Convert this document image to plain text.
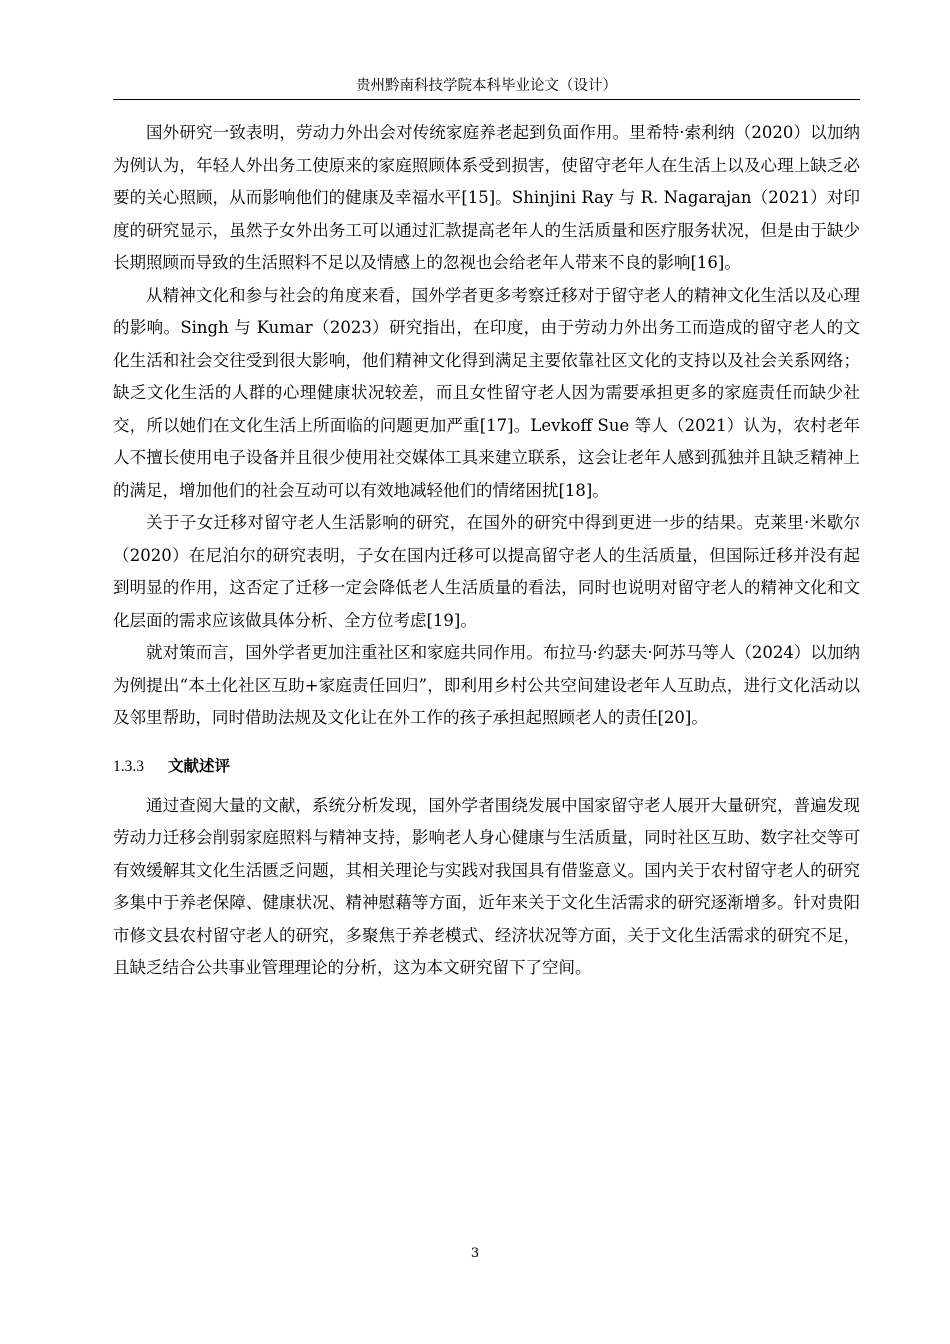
贵州黔南科技学院本科毕业论文（设计）

国外研究一致表明，劳动力外出会对传统家庭养老起到负面作用。里希特·索利纳（2020）以加纳为例认为，年轻人外出务工使原来的家庭照顾体系受到损害，使留守老年人在生活上以及心理上缺乏必要的关心照顾，从而影响他们的健康及幸福水平[15]。Shinjini Ray 与 R. Nagarajan（2021）对印度的研究显示，虽然子女外出务工可以通过汇款提高老年人的生活质量和医疗服务状况，但是由于缺少长期照顾而导致的生活照料不足以及情感上的忽视也会给老年人带来不良的影响[16]。

从精神文化和参与社会的角度来看，国外学者更多考察迁移对于留守老人的精神文化生活以及心理的影响。Singh 与 Kumar（2023）研究指出，在印度，由于劳动力外出务工而造成的留守老人的文化生活和社会交往受到很大影响，他们精神文化得到满足主要依靠社区文化的支持以及社会关系网络；缺乏文化生活的人群的心理健康状况较差，而且女性留守老人因为需要承担更多的家庭责任而缺少社交，所以她们在文化生活上所面临的问题更加严重[17]。Levkoff Sue 等人（2021）认为，农村老年人不擅长使用电子设备并且很少使用社交媒体工具来建立联系，这会让老年人感到孤独并且缺乏精神上的满足，增加他们的社会互动可以有效地减轻他们的情绪困扰[18]。

关于子女迁移对留守老人生活影响的研究，在国外的研究中得到更进一步的结果。克莱里·米歇尔（2020）在尼泊尔的研究表明，子女在国内迁移可以提高留守老人的生活质量，但国际迁移并没有起到明显的作用，这否定了迁移一定会降低老人生活质量的看法，同时也说明对留守老人的精神文化和文化层面的需求应该做具体分析、全方位考虑[19]。

就对策而言，国外学者更加注重社区和家庭共同作用。布拉马·约瑟夫·阿苏马等人（2024）以加纳为例提出“本土化社区互助+家庭责任回归”，即利用乡村公共空间建设老年人互助点，进行文化活动以及邻里帮助，同时借助法规及文化让在外工作的孩子承担起照顾老人的责任[20]。

1.3.3 文献述评

通过查阅大量的文献，系统分析发现，国外学者围绕发展中国家留守老人展开大量研究，普遍发现劳动力迁移会削弱家庭照料与精神支持，影响老人身心健康与生活质量，同时社区互助、数字社交等可有效缓解其文化生活匮乏问题，其相关理论与实践对我国具有借鉴意义。国内关于农村留守老人的研究多集中于养老保障、健康状况、精神慰藉等方面，近年来关于文化生活需求的研究逐渐增多。针对贵阳市修文县农村留守老人的研究，多聚焦于养老模式、经济状况等方面，关于文化生活需求的研究不足，且缺乏结合公共事业管理理论的分析，这为本文研究留下了空间。

3
